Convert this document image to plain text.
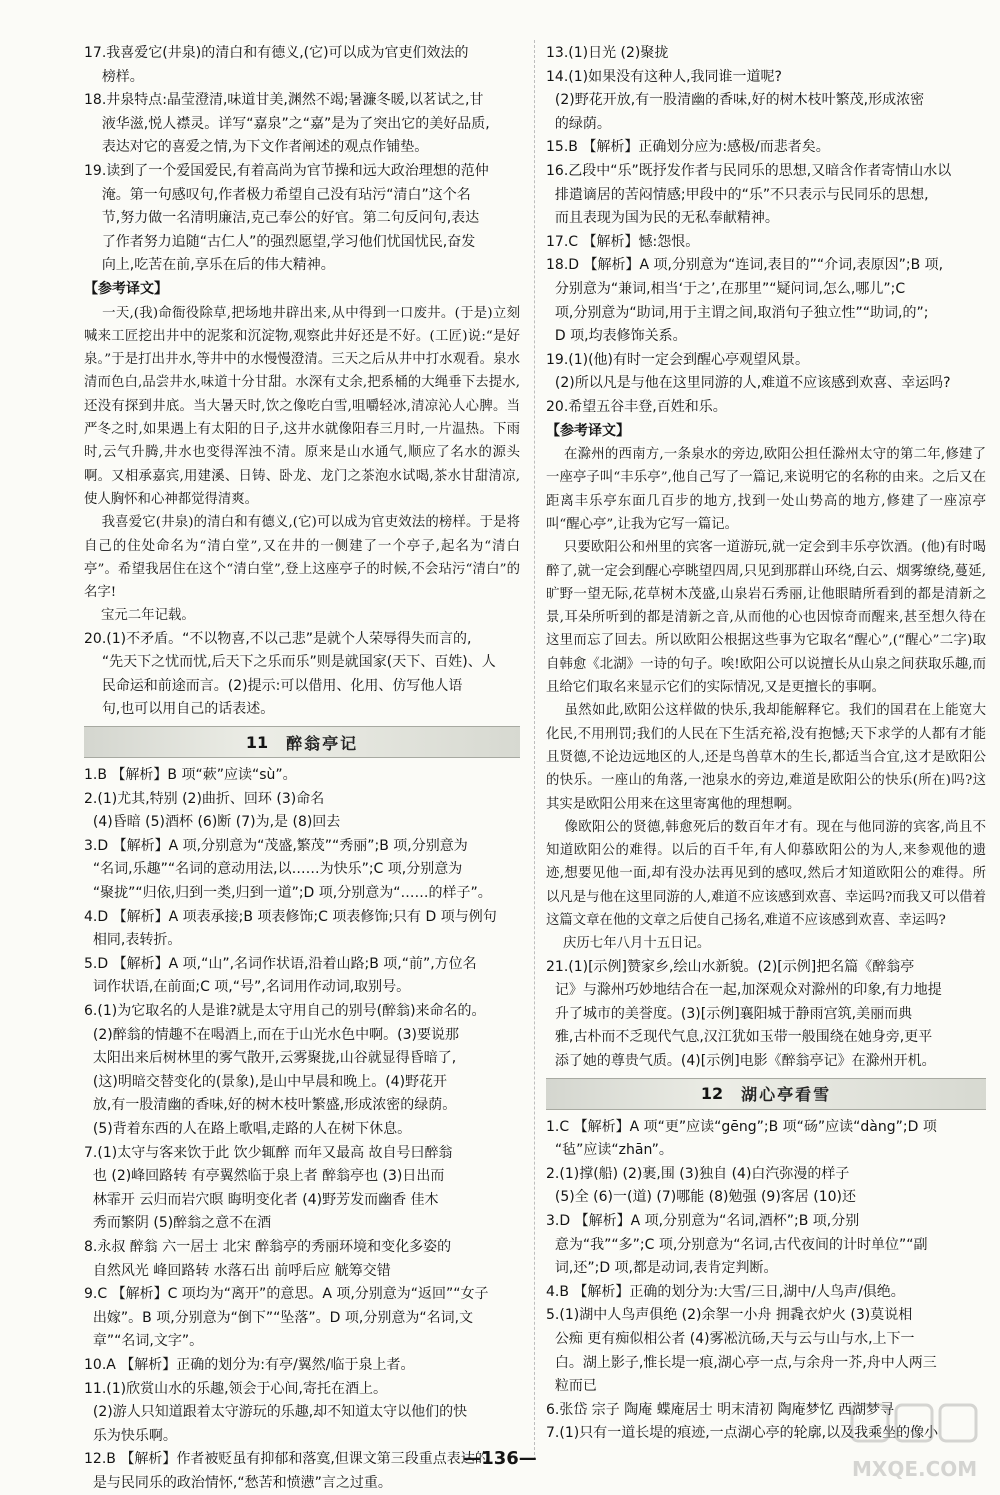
17.我喜爱它(井泉)的清白和有德义,(它)可以成为官吏们效法的
榜样。
18.井泉特点:晶莹澄清,味道甘美,渊然不竭;暑濂冬暖,以茗试之,甘
液华滋,悦人襟灵。详写“嘉泉”之“嘉”是为了突出它的美好品质,
表达对它的喜爱之情,为下文作者阐述的观点作铺垫。
19.读到了一个爱国爱民,有着高尚为官节操和远大政治理想的范仲
淹。第一句感叹句,作者极力希望自己没有玷污“清白”这个名
节,努力做一名清明廉洁,克己奉公的好官。第二句反问句,表达
了作者努力追随“古仁人”的强烈愿望,学习他们忧国忧民,奋发
向上,吃苦在前,享乐在后的伟大精神。

【参考译文】

一天,(我)命衙役除草,把场地井辟出来,从中得到一口废井。(于是)立刻喊来工匠挖出井中的泥浆和沉淀物,观察此井好还是不好。(工匠)说:“是好泉。”于是打出井水,等井中的水慢慢澄清。三天之后从井中打水观看。泉水清而色白,品尝井水,味道十分甘甜。水深有丈余,把系桶的大绳垂下去提水,还没有探到井底。当大暑天时,饮之像吃白雪,咀嚼轻冰,清凉沁人心脾。当严冬之时,如果遇上有太阳的日子,这井水就像阳春三月时,一片温热。下雨时,云气升腾,井水也变得浑浊不清。原来是山水通气,顺应了名水的源头啊。又相承嘉宾,用建溪、日铸、卧龙、龙门之茶泡水试喝,茶水甘甜清凉,使人胸怀和心神都觉得清爽。
我喜爱它(井泉)的清白和有德义,(它)可以成为官吏效法的榜样。于是将自己的住处命名为“清白堂”,又在井的一侧建了一个亭子,起名为“清白亭”。希望我居住在这个“清白堂”,登上这座亭子的时候,不会玷污“清白”的名字!
宝元二年记载。

20.(1)不矛盾。“不以物喜,不以己悲”是就个人荣辱得失而言的,
“先天下之忧而忧,后天下之乐而乐”则是就国家(天下、百姓)、人
民命运和前途而言。(2)提示:可以借用、化用、仿写他人语
句,也可以用自己的话表述。

11 醉翁亭记

1.B 【解析】B 项“蔌”应读“sù”。
2.(1)尤其,特别 (2)曲折、回环 (3)命名
(4)昏暗 (5)酒杯 (6)断 (7)为,是 (8)回去
3.D 【解析】A 项,分别意为“茂盛,繁茂”“秀丽”;B 项,分别意为
“名词,乐趣”“名词的意动用法,以……为快乐”;C 项,分别意为
“聚拢”“归依,归到一类,归到一道”;D 项,分别意为“……的样子”。
4.D 【解析】A 项表承接;B 项表修饰;C 项表修饰;只有 D 项与例句
相同,表转折。
5.D 【解析】A 项,“山”,名词作状语,沿着山路;B 项,“前”,方位名
词作状语,在前面;C 项,“号”,名词用作动词,取别号。
6.(1)为它取名的人是谁?就是太守用自己的别号(醉翁)来命名的。
(2)醉翁的情趣不在喝酒上,而在于山光水色中啊。(3)要说那
太阳出来后树林里的雾气散开,云雾聚拢,山谷就显得昏暗了,
(这)明暗交替变化的(景象),是山中早晨和晚上。(4)野花开
放,有一股清幽的香味,好的树木枝叶繁盛,形成浓密的绿荫。
(5)背着东西的人在路上歌唱,走路的人在树下休息。
7.(1)太守与客来饮于此 饮少辄醉 而年又最高 故自号曰醉翁
也 (2)峰回路转 有亭翼然临于泉上者 醉翁亭也 (3)日出而
林霏开 云归而岩穴暝 晦明变化者 (4)野芳发而幽香 佳木
秀而繁阴 (5)醉翁之意不在酒
8.永叔 醉翁 六一居士 北宋 醉翁亭的秀丽环境和变化多姿的
自然风光 峰回路转 水落石出 前呼后应 觥筹交错
9.C 【解析】C 项均为“离开”的意思。A 项,分别意为“返回”“女子
出嫁”。B 项,分别意为“倒下”“坠落”。D 项,分别意为“名词,文
章”“名词,文字”。
10.A 【解析】正确的划分为:有亭/翼然/临于泉上者。
11.(1)欣赏山水的乐趣,领会于心间,寄托在酒上。
(2)游人只知道跟着太守游玩的乐趣,却不知道太守以他们的快
乐为快乐啊。
12.B 【解析】作者被贬虽有抑郁和落寞,但课文第三段重点表达的
是与民同乐的政治情怀,“愁苦和愤懑”言之过重。

13.(1)日光 (2)聚拢
14.(1)如果没有这种人,我同谁一道呢?
(2)野花开放,有一股清幽的香味,好的树木枝叶繁茂,形成浓密
的绿荫。
15.B 【解析】正确划分应为:感极/而悲者矣。
16.乙段中“乐”既抒发作者与民同乐的思想,又暗含作者寄情山水以
排遣谪居的苦闷情感;甲段中的“乐”不只表示与民同乐的思想,
而且表现为国为民的无私奉献精神。
17.C 【解析】憾:怨恨。
18.D 【解析】A 项,分别意为“连词,表目的”“介词,表原因”;B 项,
分别意为“兼词,相当‘于之’,在那里”“疑问词,怎么,哪儿”;C
项,分别意为“助词,用于主谓之间,取消句子独立性”“助词,的”;
D 项,均表修饰关系。
19.(1)(他)有时一定会到醒心亭观望风景。
(2)所以凡是与他在这里同游的人,难道不应该感到欢喜、幸运吗?
20.希望五谷丰登,百姓和乐。

【参考译文】

在滁州的西南方,一条泉水的旁边,欧阳公担任滁州太守的第二年,修建了一座亭子叫“丰乐亭”,他自己写了一篇记,来说明它的名称的由来。之后又在距离丰乐亭东面几百步的地方,找到一处山势高的地方,修建了一座凉亭叫“醒心亭”,让我为它写一篇记。
只要欧阳公和州里的宾客一道游玩,就一定会到丰乐亭饮酒。(他)有时喝醉了,就一定会到醒心亭眺望四周,只见到那群山环绕,白云、烟雾缭绕,蔓延,旷野一望无际,花草树木茂盛,山泉岩石秀丽,让他眼睛所看到的都是清新之景,耳朵所听到的都是清新之音,从而他的心也因惊奇而醒来,甚至想久待在这里而忘了回去。所以欧阳公根据这些事为它取名“醒心”,(“醒心”二字)取自韩愈《北湖》一诗的句子。唉!欧阳公可以说擅长从山泉之间获取乐趣,而且给它们取名来显示它们的实际情况,又是更擅长的事啊。
虽然如此,欧阳公这样做的快乐,我却能解释它。我们的国君在上能宽大化民,不用刑罚;我们的人民在下生活充裕,没有抱憾;天下求学的人都有才能且贤德,不论边远地区的人,还是鸟兽草木的生长,都适当合宜,这才是欧阳公的快乐。一座山的角落,一池泉水的旁边,难道是欧阳公的快乐(所在)吗?这其实是欧阳公用来在这里寄寓他的理想啊。
像欧阳公的贤德,韩愈死后的数百年才有。现在与他同游的宾客,尚且不知道欧阳公的难得。以后的百千年,有人仰慕欧阳公的为人,来参观他的遗迹,想要见他一面,却有没办法再见到的感叹,然后才知道欧阳公的难得。所以凡是与他在这里同游的人,难道不应该感到欢喜、幸运吗?而我又可以借着这篇文章在他的文章之后使自己扬名,难道不应该感到欢喜、幸运吗?
庆历七年八月十五日记。

21.(1)[示例]赞家乡,绘山水新貌。(2)[示例]把名篇《醉翁亭
记》与滁州巧妙地结合在一起,加深观众对滁州的印象,有力地提
升了城市的美誉度。(3)[示例]襄阳城于静雨宫筑,美丽而典
雅,古朴而不乏现代气息,汉江犹如玉带一般围绕在她身旁,更平
添了她的尊贵气质。(4)[示例]电影《醉翁亭记》在滁州开机。

12 湖心亭看雪

1.C 【解析】A 项“更”应读“gēng”;B 项“砀”应读“dàng”;D 项
“毡”应读“zhān”。
2.(1)撑(船) (2)裹,围 (3)独自 (4)白汽弥漫的样子
(5)全 (6)一(道) (7)哪能 (8)勉强 (9)客居 (10)还
3.D 【解析】A 项,分别意为“名词,酒杯”;B 项,分别
意为“我”“多”;C 项,分别意为“名词,古代夜间的计时单位”“副
词,还”;D 项,都是动词,表肯定判断。
4.B 【解析】正确的划分为:大雪/三日,湖中/人鸟声/俱绝。
5.(1)湖中人鸟声俱绝 (2)余挐一小舟 拥毳衣炉火 (3)莫说相
公痴 更有痴似相公者 (4)雾凇沆砀,天与云与山与水,上下一
白。湖上影子,惟长堤一痕,湖心亭一点,与余舟一芥,舟中人两三
粒而已
6.张岱 宗子 陶庵 蝶庵居士 明末清初 陶庵梦忆 西湖梦寻
7.(1)只有一道长堤的痕迹,一点湖心亭的轮廓,以及我乘坐的像小

—136—	MXQE.COM
